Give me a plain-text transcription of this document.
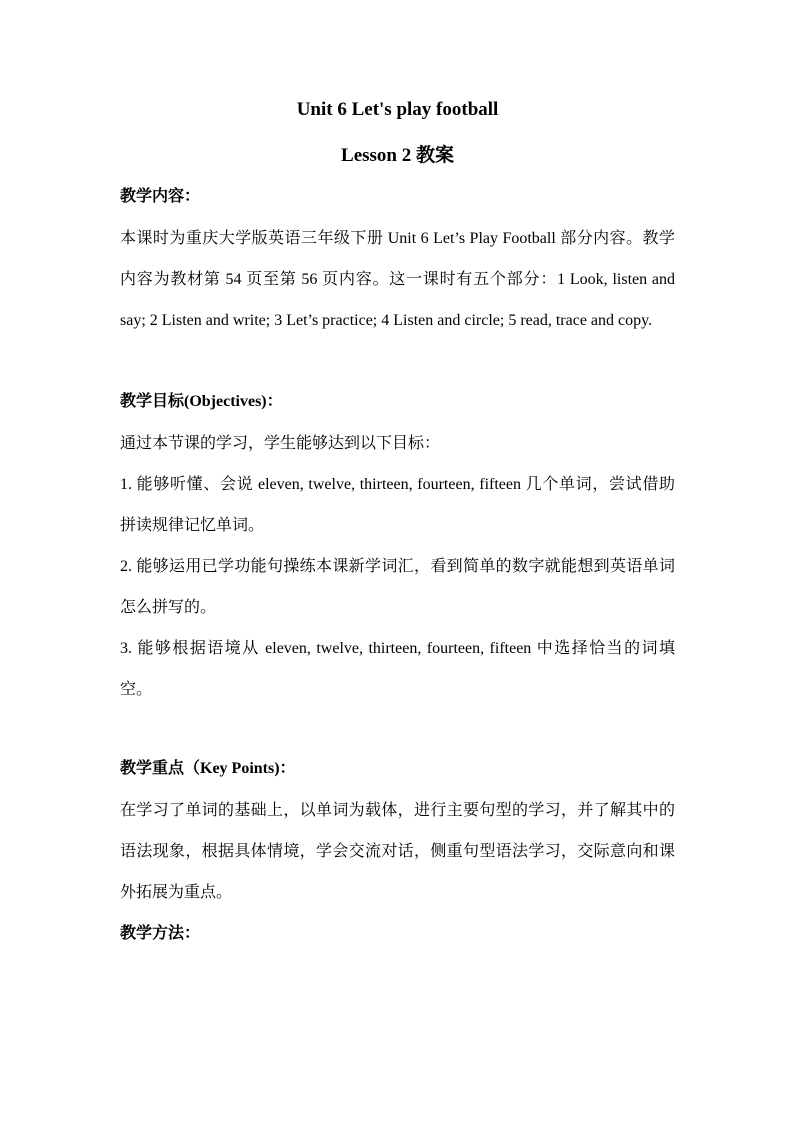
Unit 6 Let's play football

Lesson 2 教案

教学内容：

本课时为重庆大学版英语三年级下册 Unit 6 Let’s Play Football 部分内容。教学内容为教材第 54 页至第 56 页内容。这一课时有五个部分：1 Look, listen and say; 2 Listen and write; 3 Let’s practice; 4 Listen and circle; 5 read, trace and copy.

教学目标(Objectives)：

通过本节课的学习，学生能够达到以下目标：

1. 能够听懂、会说 eleven, twelve, thirteen, fourteen, fifteen 几个单词，尝试借助拼读规律记忆单词。

2. 能够运用已学功能句操练本课新学词汇，看到简单的数字就能想到英语单词怎么拼写的。

3. 能够根据语境从 eleven, twelve, thirteen, fourteen, fifteen 中选择恰当的词填空。

教学重点（Key Points)：

在学习了单词的基础上，以单词为载体，进行主要句型的学习，并了解其中的语法现象，根据具体情境，学会交流对话，侧重句型语法学习，交际意向和课外拓展为重点。

教学方法：
